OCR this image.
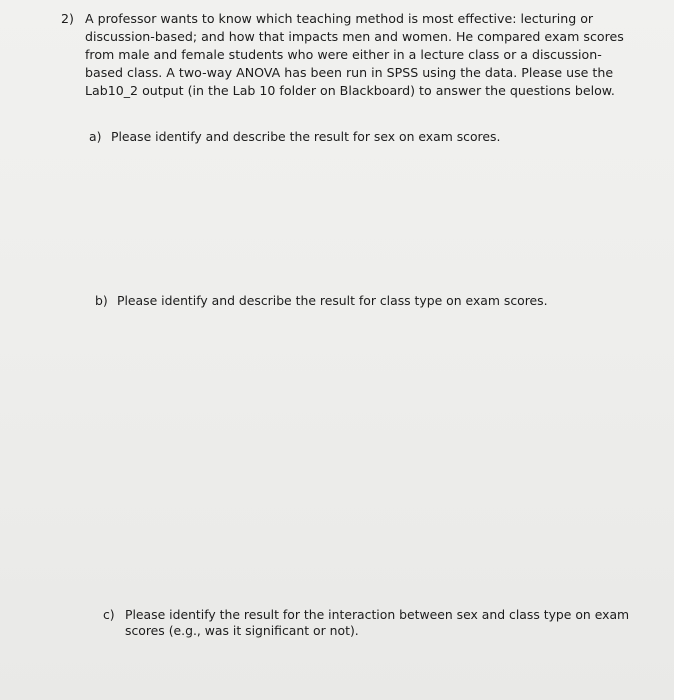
2) A professor wants to know which teaching method is most effective: lecturing or
discussion-based; and how that impacts men and women. He compared exam scores
from male and female students who were either in a lecture class or a discussion-
based class. A two-way ANOVA has been run in SPSS using the data. Please use the
Lab10_2 output (in the Lab 10 folder on Blackboard) to answer the questions below.
a) Please identify and describe the result for sex on exam scores.
b) Please identify and describe the result for class type on exam scores.
c) Please identify the result for the interaction between sex and class type on exam
scores (e.g., was it significant or not).
